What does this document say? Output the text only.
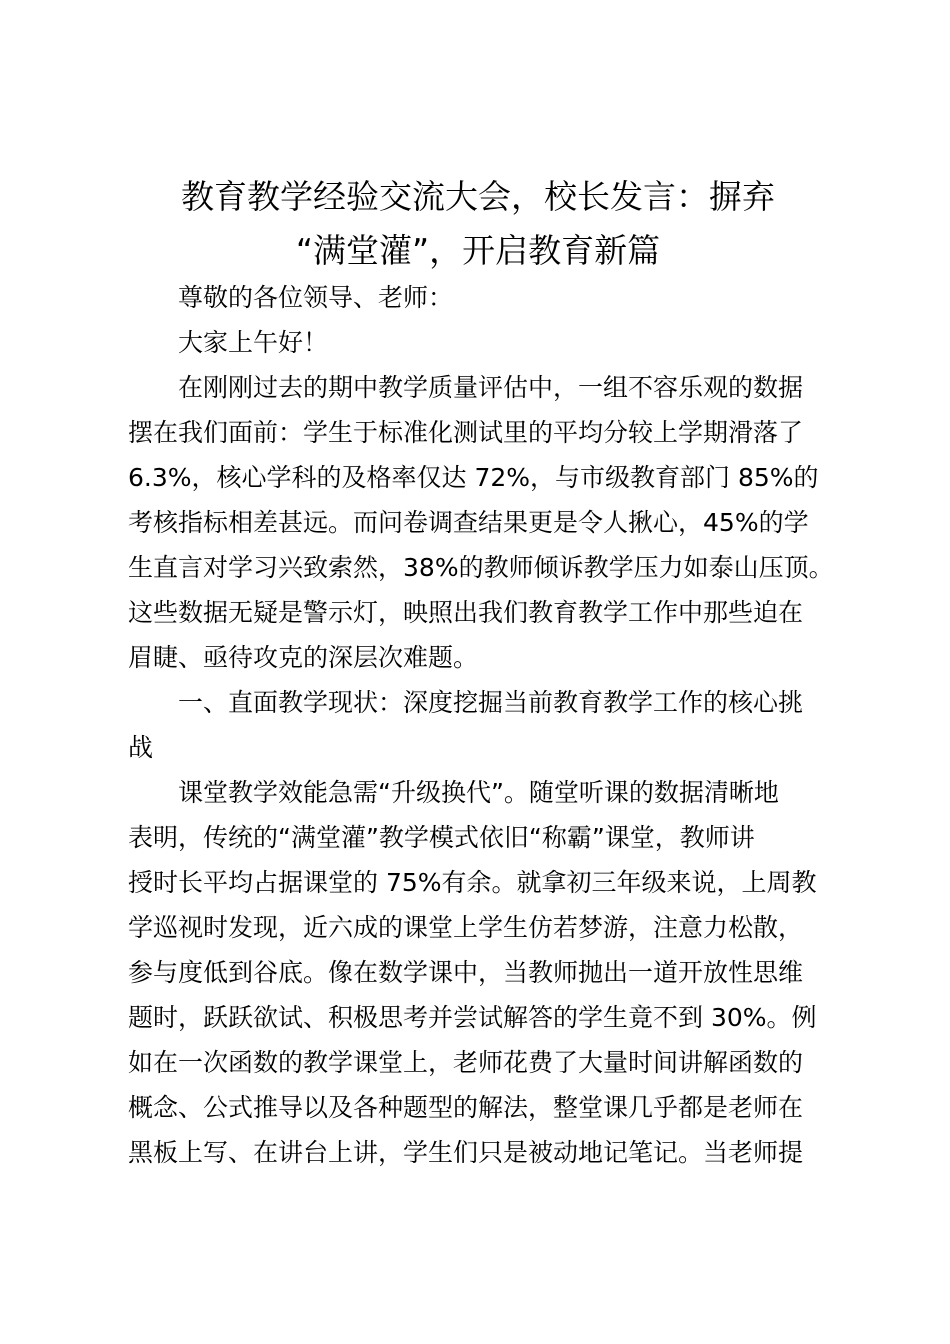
教育教学经验交流大会，校长发言：摒弃
“满堂灌”，开启教育新篇

尊敬的各位领导、老师：

大家上午好！

在刚刚过去的期中教学质量评估中，一组不容乐观的数据

摆在我们面前：学生于标准化测试里的平均分较上学期滑落了

6.3%，核心学科的及格率仅达 72%，与市级教育部门 85%的

考核指标相差甚远。而问卷调查结果更是令人揪心，45%的学

生直言对学习兴致索然，38%的教师倾诉教学压力如泰山压顶。

这些数据无疑是警示灯，映照出我们教育教学工作中那些迫在

眉睫、亟待攻克的深层次难题。

一、直面教学现状：深度挖掘当前教育教学工作的核心挑

战

课堂教学效能急需“升级换代”。随堂听课的数据清晰地

表明，传统的“满堂灌”教学模式依旧“称霸”课堂，教师讲

授时长平均占据课堂的 75%有余。就拿初三年级来说，上周教

学巡视时发现，近六成的课堂上学生仿若梦游，注意力松散，

参与度低到谷底。像在数学课中，当教师抛出一道开放性思维

题时，跃跃欲试、积极思考并尝试解答的学生竟不到 30%。例

如在一次函数的教学课堂上，老师花费了大量时间讲解函数的

概念、公式推导以及各种题型的解法，整堂课几乎都是老师在

黑板上写、在讲台上讲，学生们只是被动地记笔记。当老师提
